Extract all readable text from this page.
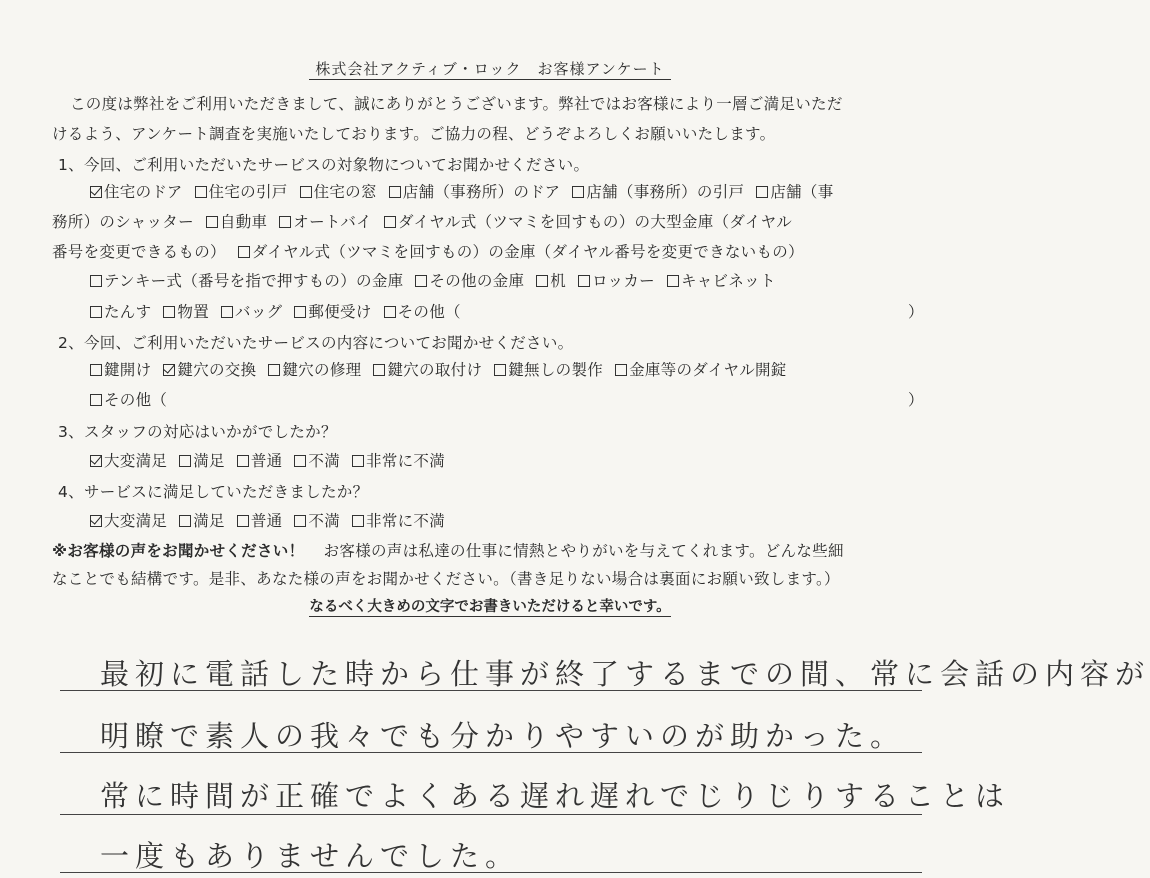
株式会社アクティブ・ロック　お客様アンケート
この度は弊社をご利用いただきまして、誠にありがとうございます。弊社ではお客様により一層ご満足いただ
けるよう、アンケート調査を実施いたしております。ご協力の程、どうぞよろしくお願いいたします。
1、今回、ご利用いただいたサービスの対象物についてお聞かせください。
住宅のドア 住宅の引戸 住宅の窓 店舗（事務所）のドア 店舗（事務所）の引戸 店舗（事
務所）のシャッター 自動車 オートバイ ダイヤル式（ツマミを回すもの）の大型金庫（ダイヤル
番号を変更できるもの） ダイヤル式（ツマミを回すもの）の金庫（ダイヤル番号を変更できないもの）
テンキー式（番号を指で押すもの）の金庫 その他の金庫 机 ロッカー キャビネット
たんす 物置 バッグ 郵便受け その他（	）
2、今回、ご利用いただいたサービスの内容についてお聞かせください。
鍵開け 鍵穴の交換 鍵穴の修理 鍵穴の取付け 鍵無しの製作 金庫等のダイヤル開錠
その他（	）
3、スタッフの対応はいかがでしたか？
大変満足 満足 普通 不満 非常に不満
4、サービスに満足していただきましたか？
大変満足 満足 普通 不満 非常に不満
※お客様の声をお聞かせください！ お客様の声は私達の仕事に情熱とやりがいを与えてくれます。どんな些細
なことでも結構です。是非、あなた様の声をお聞かせください。（書き足りない場合は裏面にお願い致します。）
なるべく大きめの文字でお書きいただけると幸いです。
最初に電話した時から仕事が終了するまでの間、常に会話の内容が
明瞭で素人の我々でも分かりやすいのが助かった。
常に時間が正確でよくある遅れ遅れでじりじりすることは
一度もありませんでした。
